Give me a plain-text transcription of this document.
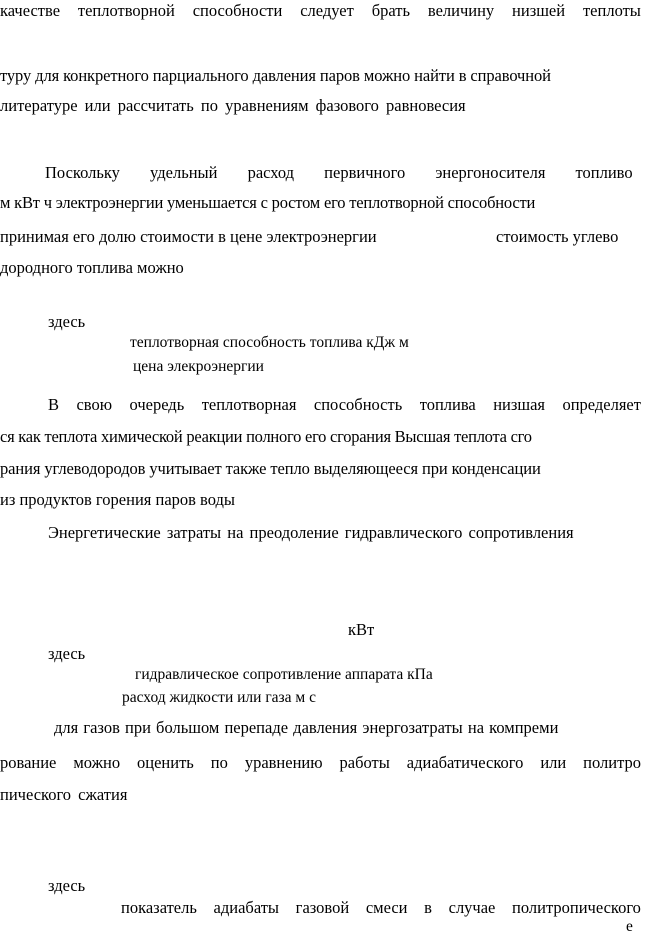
качестве теплотворной способности следует брать величину низшей теплоты
туру для конкретного парциального давления паров можно найти в справочной
литературе или рассчитать по уравнениям фазового равновесия
Поскольку удельный расход первичного энергоносителя топливо
м кВт ч электроэнергии уменьшается с ростом его теплотворной способности
принимая его долю стоимости в цене электроэнергии	стоимость углево
дородного топлива можно
здесь
теплотворная способность топлива кДж м
цена элекроэнергии
В свою очередь теплотворная способность топлива низшая определяет
ся как теплота химической реакции полного его сгорания Высшая теплота сго
рания углеводородов учитывает также тепло выделяющееся при конденсации
из продуктов горения паров воды
Энергетические затраты на преодоление гидравлического сопротивления
кВт
здесь
гидравлическое сопротивление аппарата кПа
расход жидкости или газа м с
для газов при большом перепаде давления энергозатраты на компреми
рование можно оценить по уравнению работы адиабатического или политро
пического сжатия
здесь
показатель адиабаты газовой смеси в случае политропического
е
